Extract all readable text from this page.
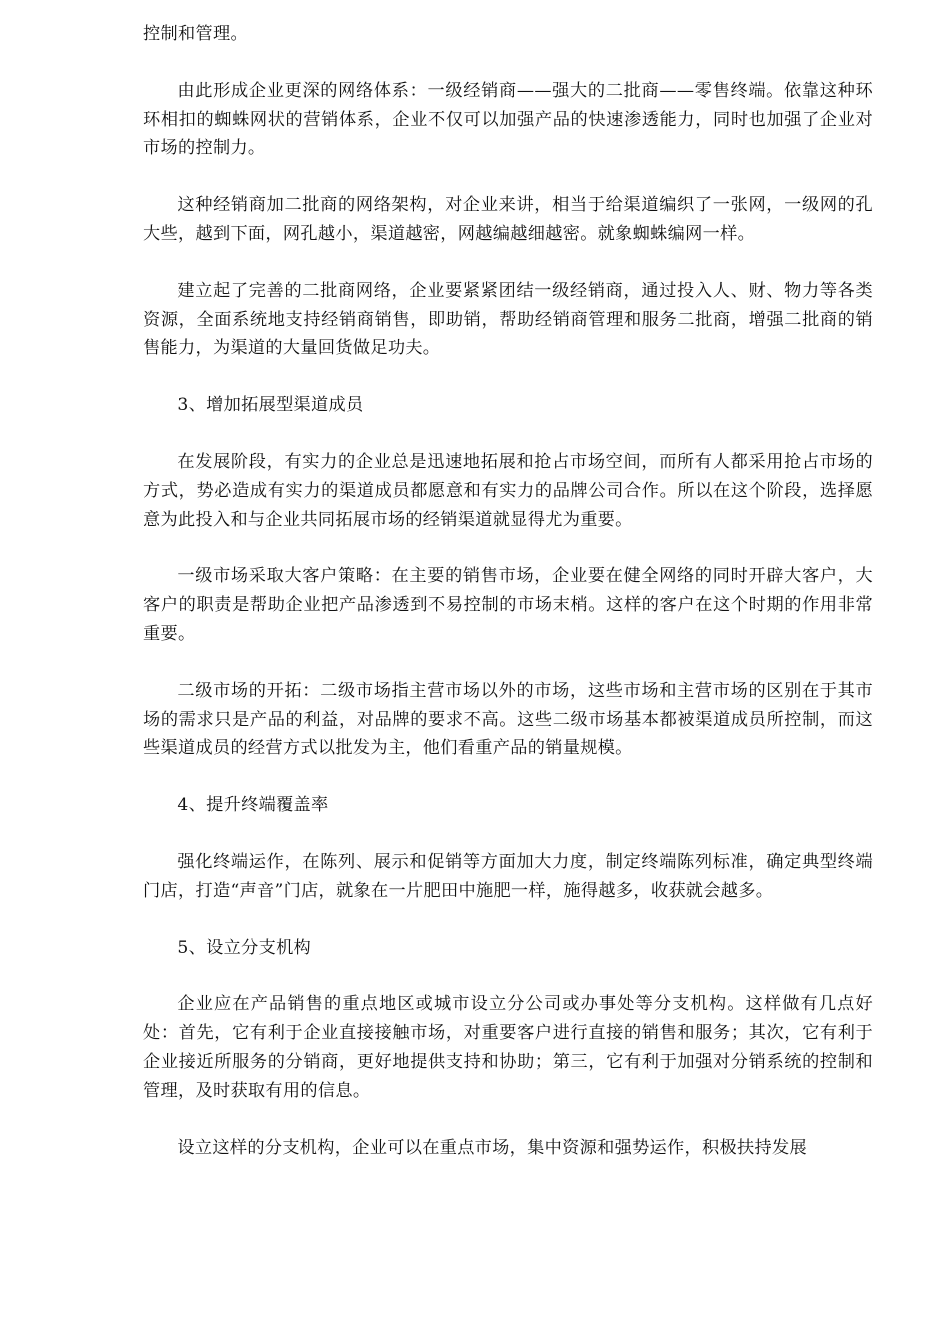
控制和管理。

由此形成企业更深的网络体系：一级经销商——强大的二批商——零售终端。依靠这种环环相扣的蜘蛛网状的营销体系，企业不仅可以加强产品的快速渗透能力，同时也加强了企业对市场的控制力。

这种经销商加二批商的网络架构，对企业来讲，相当于给渠道编织了一张网，一级网的孔大些，越到下面，网孔越小，渠道越密，网越编越细越密。就象蜘蛛编网一样。

建立起了完善的二批商网络，企业要紧紧团结一级经销商，通过投入人、财、物力等各类资源，全面系统地支持经销商销售，即助销，帮助经销商管理和服务二批商，增强二批商的销售能力，为渠道的大量回货做足功夫。

3、增加拓展型渠道成员

在发展阶段，有实力的企业总是迅速地拓展和抢占市场空间，而所有人都采用抢占市场的方式，势必造成有实力的渠道成员都愿意和有实力的品牌公司合作。所以在这个阶段，选择愿意为此投入和与企业共同拓展市场的经销渠道就显得尤为重要。

一级市场采取大客户策略：在主要的销售市场，企业要在健全网络的同时开辟大客户，大客户的职责是帮助企业把产品渗透到不易控制的市场末梢。这样的客户在这个时期的作用非常重要。

二级市场的开拓：二级市场指主营市场以外的市场，这些市场和主营市场的区别在于其市场的需求只是产品的利益，对品牌的要求不高。这些二级市场基本都被渠道成员所控制，而这些渠道成员的经营方式以批发为主，他们看重产品的销量规模。

4、提升终端覆盖率

强化终端运作，在陈列、展示和促销等方面加大力度，制定终端陈列标准，确定典型终端门店，打造“声音”门店，就象在一片肥田中施肥一样，施得越多，收获就会越多。

5、设立分支机构

企业应在产品销售的重点地区或城市设立分公司或办事处等分支机构。这样做有几点好处：首先，它有利于企业直接接触市场，对重要客户进行直接的销售和服务；其次，它有利于企业接近所服务的分销商，更好地提供支持和协助；第三，它有利于加强对分销系统的控制和管理，及时获取有用的信息。

设立这样的分支机构，企业可以在重点市场，集中资源和强势运作，积极扶持发展
